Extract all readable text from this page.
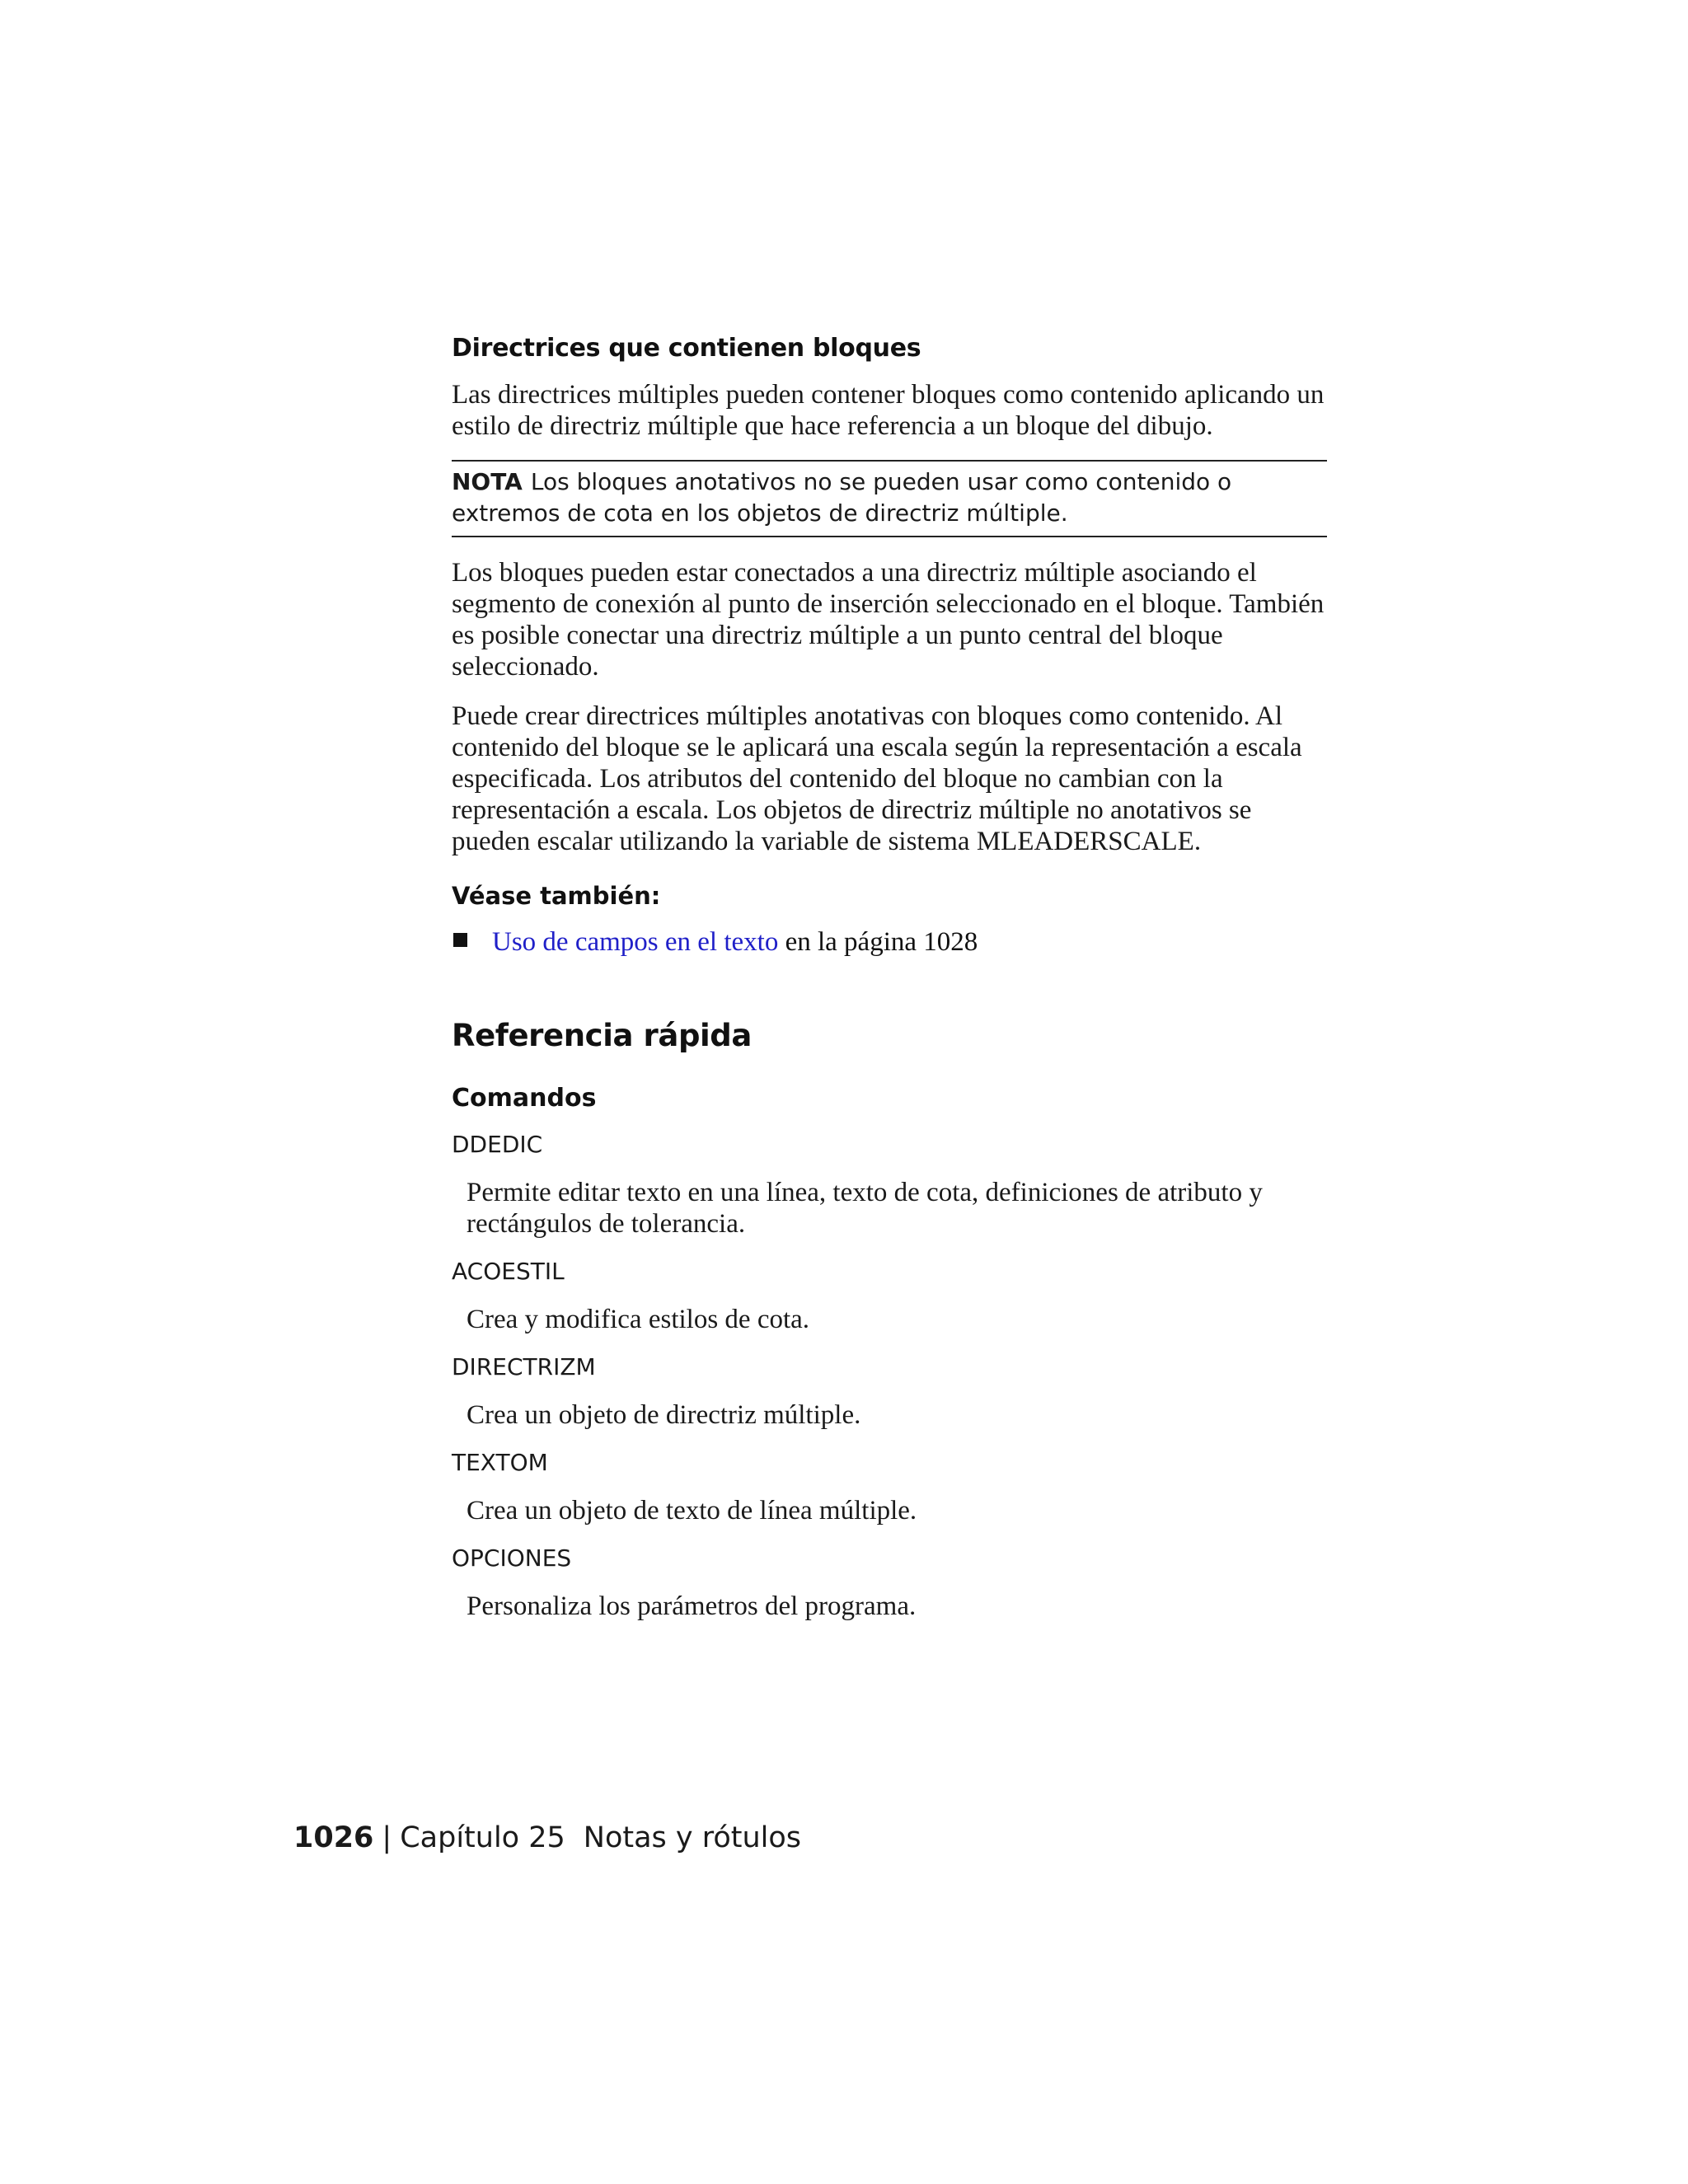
Directrices que contienen bloques

Las directrices múltiples pueden contener bloques como contenido aplicando un estilo de directriz múltiple que hace referencia a un bloque del dibujo.

NOTA Los bloques anotativos no se pueden usar como contenido o extremos de cota en los objetos de directriz múltiple.

Los bloques pueden estar conectados a una directriz múltiple asociando el segmento de conexión al punto de inserción seleccionado en el bloque. También es posible conectar una directriz múltiple a un punto central del bloque seleccionado.

Puede crear directrices múltiples anotativas con bloques como contenido. Al contenido del bloque se le aplicará una escala según la representación a escala especificada. Los atributos del contenido del bloque no cambian con la representación a escala. Los objetos de directriz múltiple no anotativos se pueden escalar utilizando la variable de sistema MLEADERSCALE.

Véase también:
Uso de campos en el texto en la página 1028
Referencia rápida
Comandos
DDEDIC
Permite editar texto en una línea, texto de cota, definiciones de atributo y rectángulos de tolerancia.
ACOESTIL
Crea y modifica estilos de cota.
DIRECTRIZM
Crea un objeto de directriz múltiple.
TEXTOM
Crea un objeto de texto de línea múltiple.
OPCIONES
Personaliza los parámetros del programa.
1026 | Capítulo 25 Notas y rótulos
